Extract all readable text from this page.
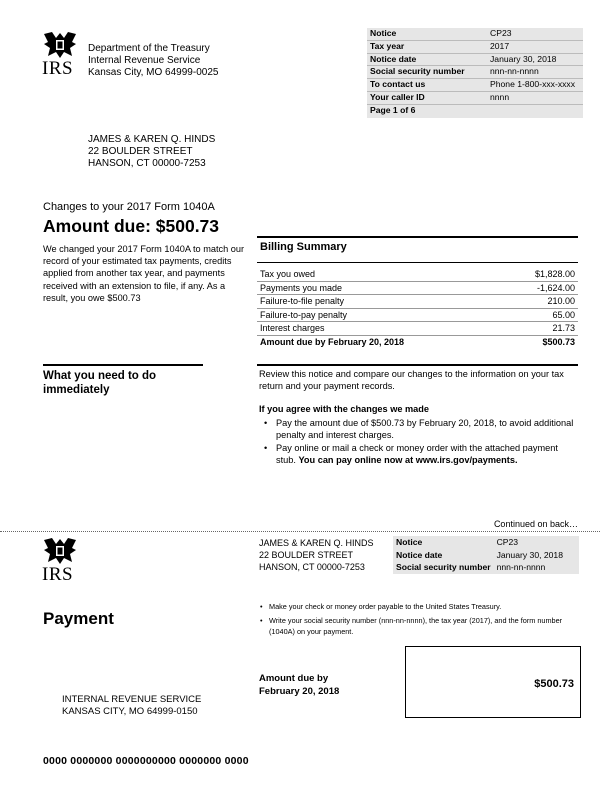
IRS
Department of the Treasury
Internal Revenue Service
Kansas City, MO 64999-0025
Notice	CP23
Tax year	2017
Notice date	January 30, 2018
Social security number	nnn-nn-nnnn
To contact us	Phone 1-800-xxx-xxxx
Your caller ID	nnnn
Page 1 of 6	
JAMES & KAREN Q. HINDS
22 BOULDER STREET
HANSON, CT 00000-7253
Changes to your 2017 Form 1040A
Amount due: $500.73
We changed your 2017 Form 1040A to match our record of your estimated tax payments, credits applied from another tax year, and payments received with an extension to file, if any. As a result, you owe $500.73
Billing Summary
Tax you owed	$1,828.00
Payments you made	-1,624.00
Failure-to-file penalty	210.00
Failure-to-pay penalty	65.00
Interest charges	21.73
Amount due by February 20, 2018	$500.73
What you need to do immediately
Review this notice and compare our changes to the information on your tax return and your payment records.
If you agree with the changes we made
• Pay the amount due of $500.73 by February 20, 2018, to avoid additional penalty and interest charges.
• Pay online or mail a check or money order with the attached payment stub. You can pay online now at www.irs.gov/payments.
Continued on back…
IRS
JAMES & KAREN Q. HINDS
22 BOULDER STREET
HANSON, CT 00000-7253
Notice	CP23
Notice date	January 30, 2018
Social security number	nnn-nn-nnnn
Payment
• Make your check or money order payable to the United States Treasury.
• Write your social security number (nnn-nn-nnnn), the tax year (2017), and the form number (1040A) on your payment.
Amount due by
February 20, 2018
$500.73
INTERNAL REVENUE SERVICE
KANSAS CITY, MO 64999-0150
0000 0000000 0000000000 0000000 0000
